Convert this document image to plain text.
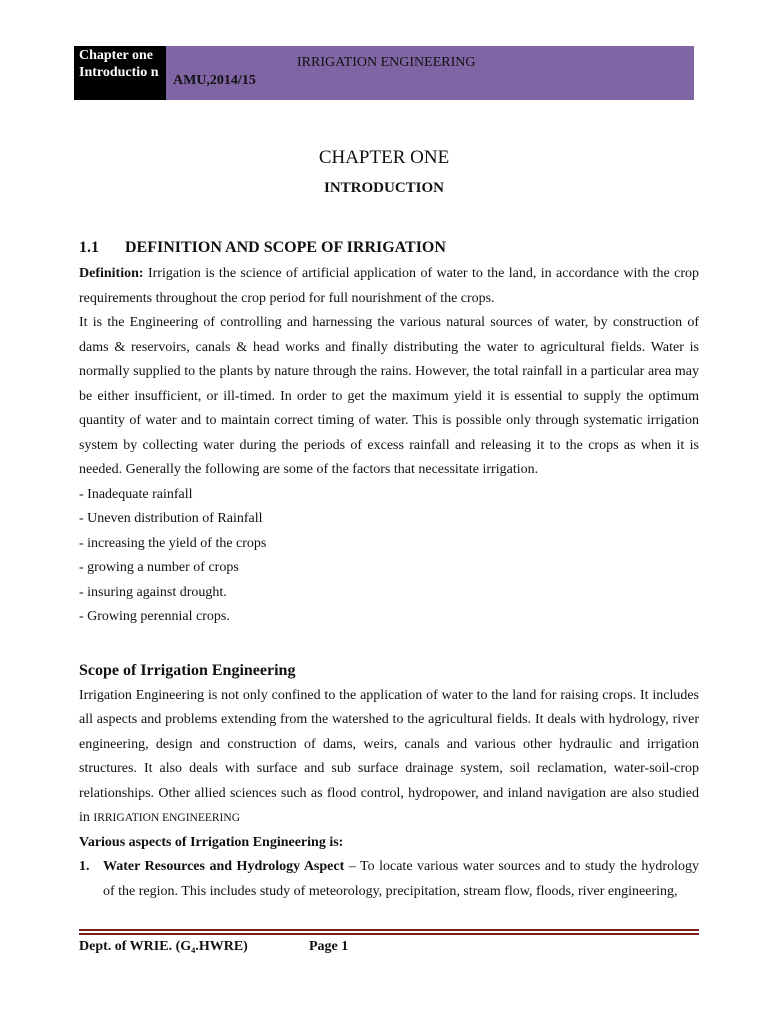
Chapter one Introductio n
IRRIGATION ENGINEERING
AMU,2014/15
CHAPTER ONE
INTRODUCTION
1.1 DEFINITION AND SCOPE OF IRRIGATION

Definition: Irrigation is the science of artificial application of water to the land, in accordance with the crop requirements throughout the crop period for full nourishment of the crops.

It is the Engineering of controlling and harnessing the various natural sources of water, by construction of dams & reservoirs, canals & head works and finally distributing the water to agricultural fields. Water is normally supplied to the plants by nature through the rains. However, the total rainfall in a particular area may be either insufficient, or ill-timed. In order to get the maximum yield it is essential to supply the optimum quantity of water and to maintain correct timing of water. This is possible only through systematic irrigation system by collecting water during the periods of excess rainfall and releasing it to the crops as when it is needed. Generally the following are some of the factors that necessitate irrigation.

- Inadequate rainfall
- Uneven distribution of Rainfall
- increasing the yield of the crops
- growing a number of crops
- insuring against drought.
- Growing perennial crops.
Scope of Irrigation Engineering

Irrigation Engineering is not only confined to the application of water to the land for raising crops. It includes all aspects and problems extending from the watershed to the agricultural fields. It deals with hydrology, river engineering, design and construction of dams, weirs, canals and various other hydraulic and irrigation structures. It also deals with surface and sub surface drainage system, soil reclamation, water-soil-crop relationships. Other allied sciences such as flood control, hydropower, and inland navigation are also studied in IRRIGATION ENGINEERING

Various aspects of Irrigation Engineering is:
1. Water Resources and Hydrology Aspect – To locate various water sources and to study the hydrology of the region. This includes study of meteorology, precipitation, stream flow, floods, river engineering,
Dept. of WRIE. (G₄.HWRE)	Page 1
